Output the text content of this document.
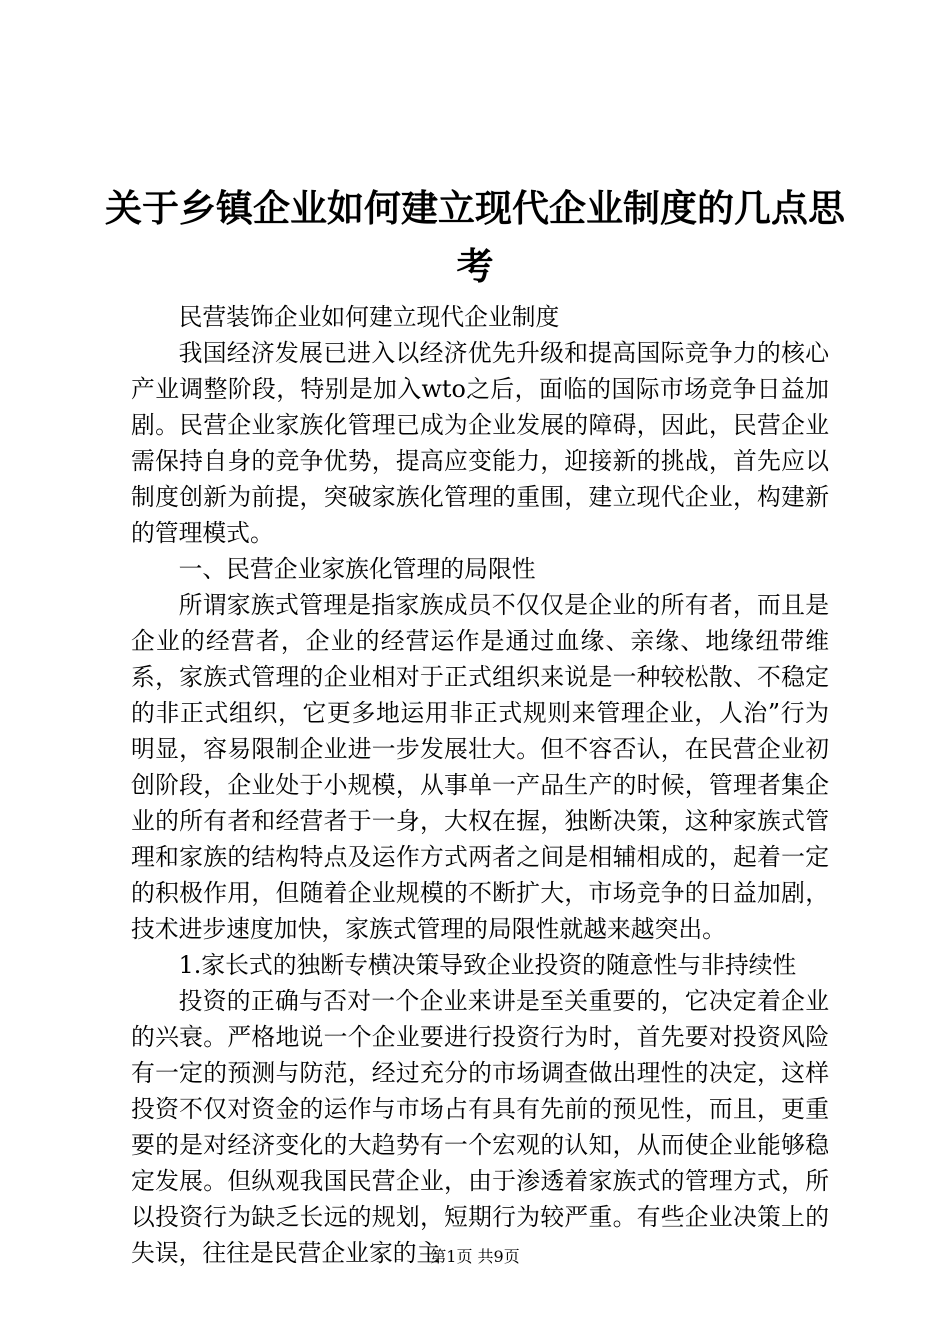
关于乡镇企业如何建立现代企业制度的几点思考

民营装饰企业如何建立现代企业制度

我国经济发展已进入以经济优先升级和提高国际竞争力的核心产业调整阶段，特别是加入wto之后，面临的国际市场竞争日益加剧。民营企业家族化管理已成为企业发展的障碍，因此，民营企业需保持自身的竞争优势，提高应变能力，迎接新的挑战，首先应以制度创新为前提，突破家族化管理的重围，建立现代企业，构建新的管理模式。

一、民营企业家族化管理的局限性

所谓家族式管理是指家族成员不仅仅是企业的所有者，而且是企业的经营者，企业的经营运作是通过血缘、亲缘、地缘纽带维系，家族式管理的企业相对于正式组织来说是一种较松散、不稳定的非正式组织，它更多地运用非正式规则来管理企业，人治”行为明显，容易限制企业进一步发展壮大。但不容否认，在民营企业初创阶段，企业处于小规模，从事单一产品生产的时候，管理者集企业的所有者和经营者于一身，大权在握，独断决策，这种家族式管理和家族的结构特点及运作方式两者之间是相辅相成的，起着一定的积极作用，但随着企业规模的不断扩大，市场竞争的日益加剧，技术进步速度加快，家族式管理的局限性就越来越突出。

1.家长式的独断专横决策导致企业投资的随意性与非持续性

投资的正确与否对一个企业来讲是至关重要的，它决定着企业的兴衰。严格地说一个企业要进行投资行为时，首先要对投资风险有一定的预测与防范，经过充分的市场调查做出理性的决定，这样投资不仅对资金的运作与市场占有具有先前的预见性，而且，更重要的是对经济变化的大趋势有一个宏观的认知，从而使企业能够稳定发展。但纵观我国民营企业，由于渗透着家族式的管理方式，所以投资行为缺乏长远的规划，短期行为较严重。有些企业决策上的失误，往往是民营企业家的主

第1页 共9页
